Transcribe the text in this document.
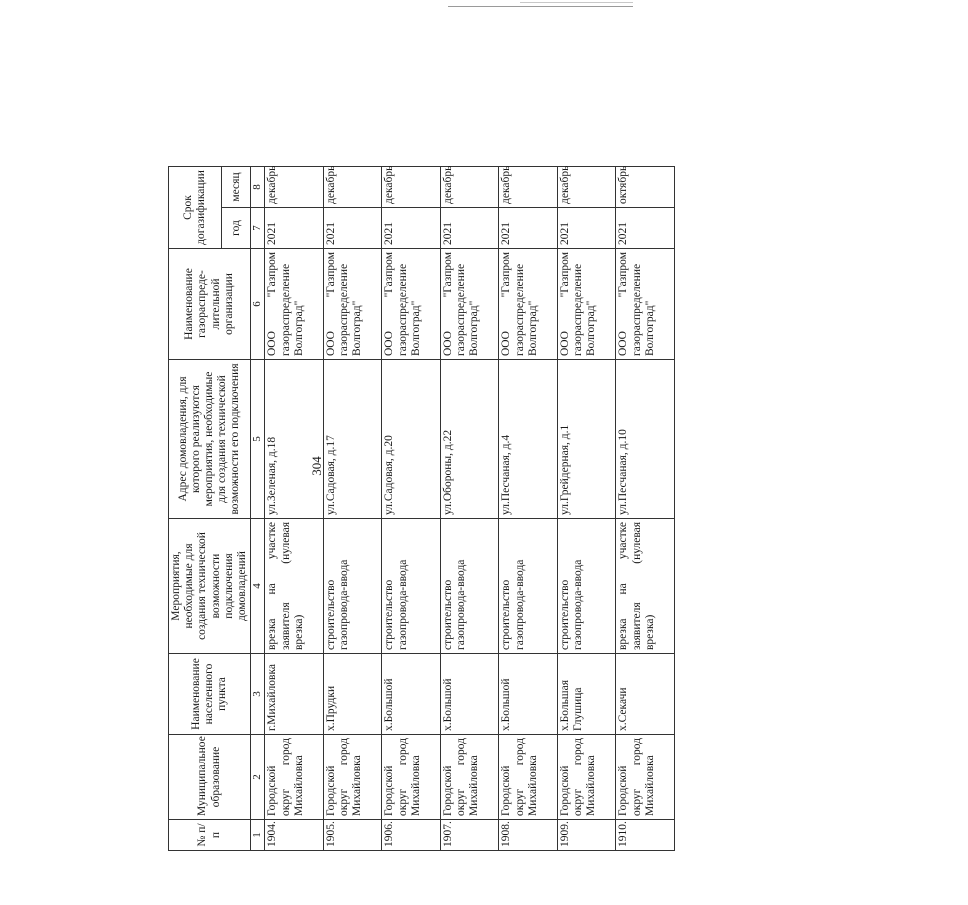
304
№ п/п	Муниципальное образование	Наименование населенного пункта	Мероприятия, необходимые для создания технической возможности подключения домовладений	Адрес домовладения, для которого реализуются мероприятия, необходимые для создания технической возможности его подключения	Наименование газораспреде- лительной организации	Срок догазификации	
						год	месяц
1	2	3	4	5	6	7	8
1904.	Городской округ город Михайловка	г.Михайловка	врезка на участке заявителя (нулевая врезка)	ул.Зеленая, д.18	ООО "Газпром газораспределение Волгоград"	2021	декабрь
1905.	Городской округ город Михайловка	х.Прудки	строительство газопровода-ввода	ул.Садовая, д.17	ООО "Газпром газораспределение Волгоград"	2021	декабрь
1906.	Городской округ город Михайловка	х.Большой	строительство газопровода-ввода	ул.Садовая, д.20	ООО "Газпром газораспределение Волгоград"	2021	декабрь
1907.	Городской округ город Михайловка	х.Большой	строительство газопровода-ввода	ул.Обороны, д.22	ООО "Газпром газораспределение Волгоград"	2021	декабрь
1908.	Городской округ город Михайловка	х.Большой	строительство газопровода-ввода	ул.Песчаная, д.4	ООО "Газпром газораспределение Волгоград"	2021	декабрь
1909.	Городской округ город Михайловка	х.Большая Глушица	строительство газопровода-ввода	ул.Грейдерная, д.1	ООО "Газпром газораспределение Волгоград"	2021	декабрь
1910.	Городской округ город Михайловка	х.Секачи	врезка на участке заявителя (нулевая врезка)	ул.Песчаная, д.10	ООО "Газпром газораспределение Волгоград"	2021	октябрь
